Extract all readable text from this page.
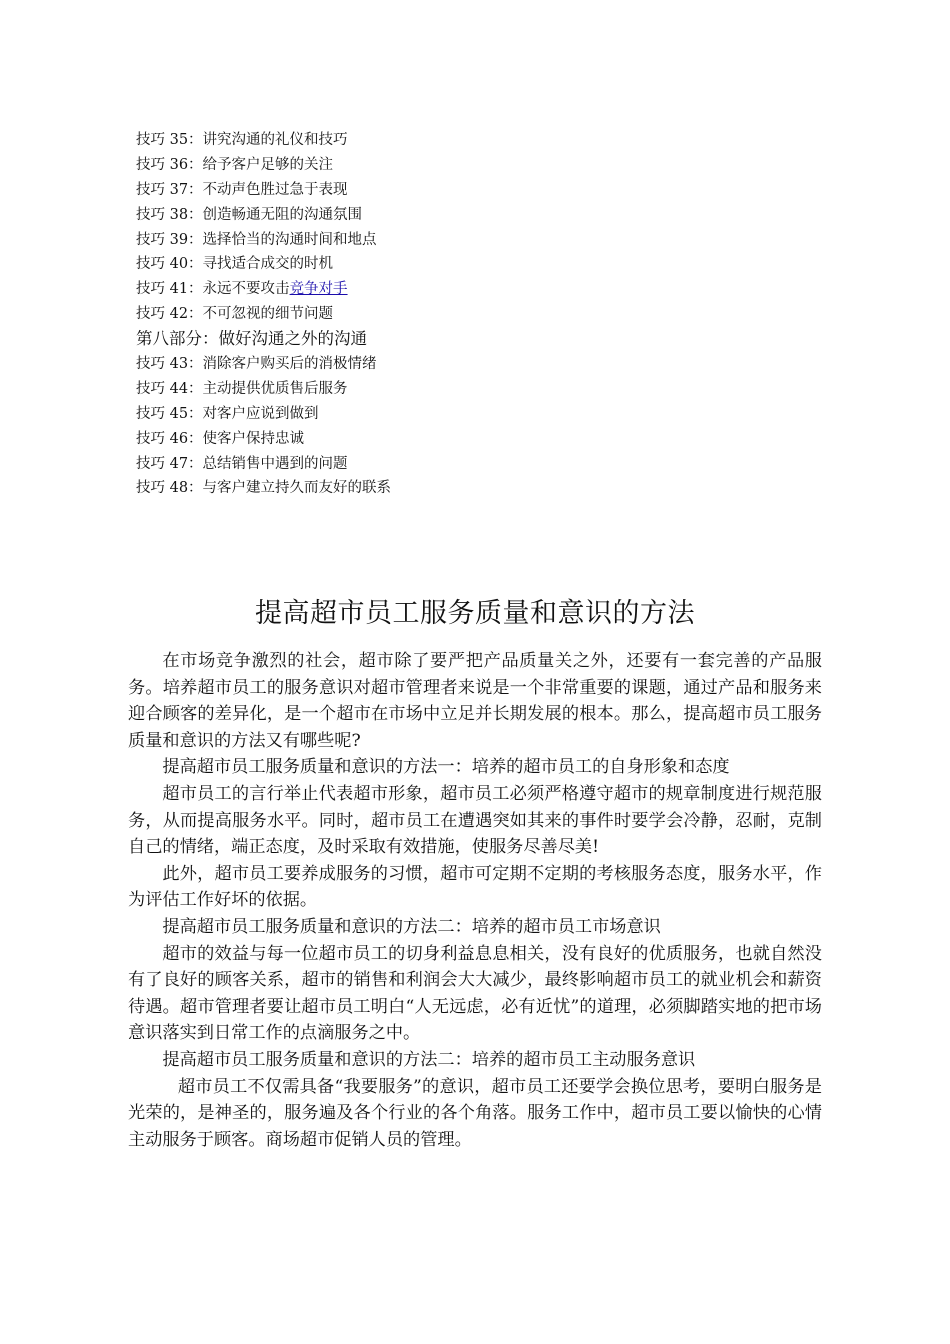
技巧 35：讲究沟通的礼仪和技巧
技巧 36：给予客户足够的关注
技巧 37：不动声色胜过急于表现
技巧 38：创造畅通无阻的沟通氛围
技巧 39：选择恰当的沟通时间和地点
技巧 40：寻找适合成交的时机
技巧 41：永远不要攻击竞争对手
技巧 42：不可忽视的细节问题
第八部分：做好沟通之外的沟通
技巧 43：消除客户购买后的消极情绪
技巧 44：主动提供优质售后服务
技巧 45：对客户应说到做到
技巧 46：使客户保持忠诚
技巧 47：总结销售中遇到的问题
技巧 48：与客户建立持久而友好的联系
提高超市员工服务质量和意识的方法

在市场竞争激烈的社会，超市除了要严把产品质量关之外，还要有一套完善的产品服务。培养超市员工的服务意识对超市管理者来说是一个非常重要的课题，通过产品和服务来迎合顾客的差异化，是一个超市在市场中立足并长期发展的根本。那么，提高超市员工服务质量和意识的方法又有哪些呢?

提高超市员工服务质量和意识的方法一：培养的超市员工的自身形象和态度

超市员工的言行举止代表超市形象，超市员工必须严格遵守超市的规章制度进行规范服务，从而提高服务水平。同时，超市员工在遭遇突如其来的事件时要学会冷静，忍耐，克制自己的情绪，端正态度，及时采取有效措施，使服务尽善尽美!

此外，超市员工要养成服务的习惯，超市可定期不定期的考核服务态度，服务水平，作为评估工作好坏的依据。

提高超市员工服务质量和意识的方法二：培养的超市员工市场意识

超市的效益与每一位超市员工的切身利益息息相关，没有良好的优质服务，也就自然没有了良好的顾客关系，超市的销售和利润会大大减少，最终影响超市员工的就业机会和薪资待遇。超市管理者要让超市员工明白“人无远虑，必有近忧”的道理，必须脚踏实地的把市场意识落实到日常工作的点滴服务之中。

提高超市员工服务质量和意识的方法二：培养的超市员工主动服务意识

超市员工不仅需具备“我要服务”的意识，超市员工还要学会换位思考，要明白服务是光荣的，是神圣的，服务遍及各个行业的各个角落。服务工作中，超市员工要以愉快的心情主动服务于顾客。商场超市促销人员的管理。
